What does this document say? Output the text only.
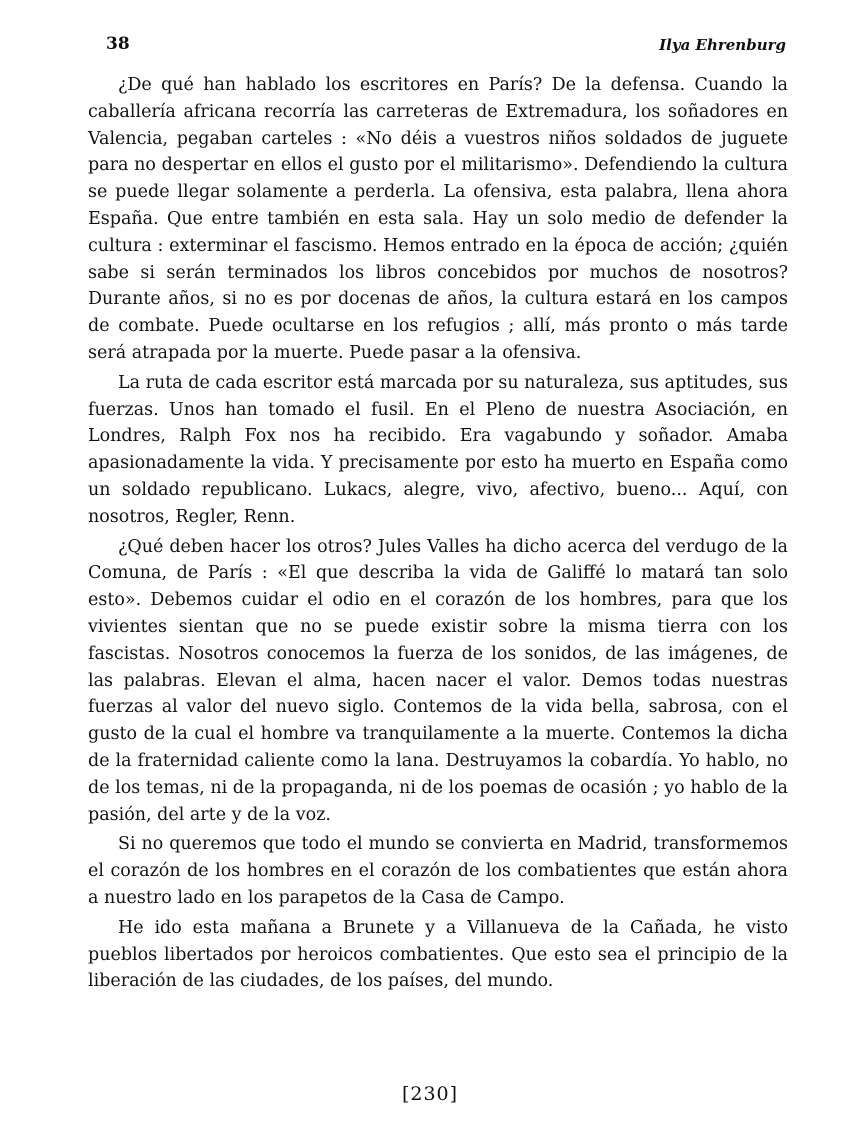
38	Ilya Ehrenburg

¿De qué han hablado los escritores en París? De la defensa. Cuando la caballería africana recorría las carreteras de Extremadura, los soñadores en Valencia, pegaban carteles : «No déis a vuestros niños soldados de juguete para no despertar en ellos el gusto por el militarismo». Defendiendo la cultura se puede llegar solamente a perderla. La ofensiva, esta palabra, llena ahora España. Que entre también en esta sala. Hay un solo medio de defender la cultura : exterminar el fascismo. Hemos entrado en la época de acción; ¿quién sabe si serán terminados los libros concebidos por muchos de nosotros? Durante años, si no es por docenas de años, la cultura estará en los campos de combate. Puede ocultarse en los refugios ; allí, más pronto o más tarde será atrapada por la muerte. Puede pasar a la ofensiva.

La ruta de cada escritor está marcada por su naturaleza, sus aptitudes, sus fuerzas. Unos han tomado el fusil. En el Pleno de nuestra Asociación, en Londres, Ralph Fox nos ha recibido. Era vagabundo y soñador. Amaba apasionadamente la vida. Y precisamente por esto ha muerto en España como un soldado republicano. Lukacs, alegre, vivo, afectivo, bueno... Aquí, con nosotros, Regler, Renn.

¿Qué deben hacer los otros? Jules Valles ha dicho acerca del verdugo de la Comuna, de París : «El que describa la vida de Galiffé lo matará tan solo esto». Debemos cuidar el odio en el corazón de los hombres, para que los vivientes sientan que no se puede existir sobre la misma tierra con los fascistas. Nosotros conocemos la fuerza de los sonidos, de las imágenes, de las palabras. Elevan el alma, hacen nacer el valor. Demos todas nuestras fuerzas al valor del nuevo siglo. Contemos de la vida bella, sabrosa, con el gusto de la cual el hombre va tranquilamente a la muerte. Contemos la dicha de la fraternidad caliente como la lana. Destruyamos la cobardía. Yo hablo, no de los temas, ni de la propaganda, ni de los poemas de ocasión ; yo hablo de la pasión, del arte y de la voz.

Si no queremos que todo el mundo se convierta en Madrid, transformemos el corazón de los hombres en el corazón de los combatientes que están ahora a nuestro lado en los parapetos de la Casa de Campo.

He ido esta mañana a Brunete y a Villanueva de la Cañada, he visto pueblos libertados por heroicos combatientes. Que esto sea el principio de la liberación de las ciudades, de los países, del mundo.

[230]
